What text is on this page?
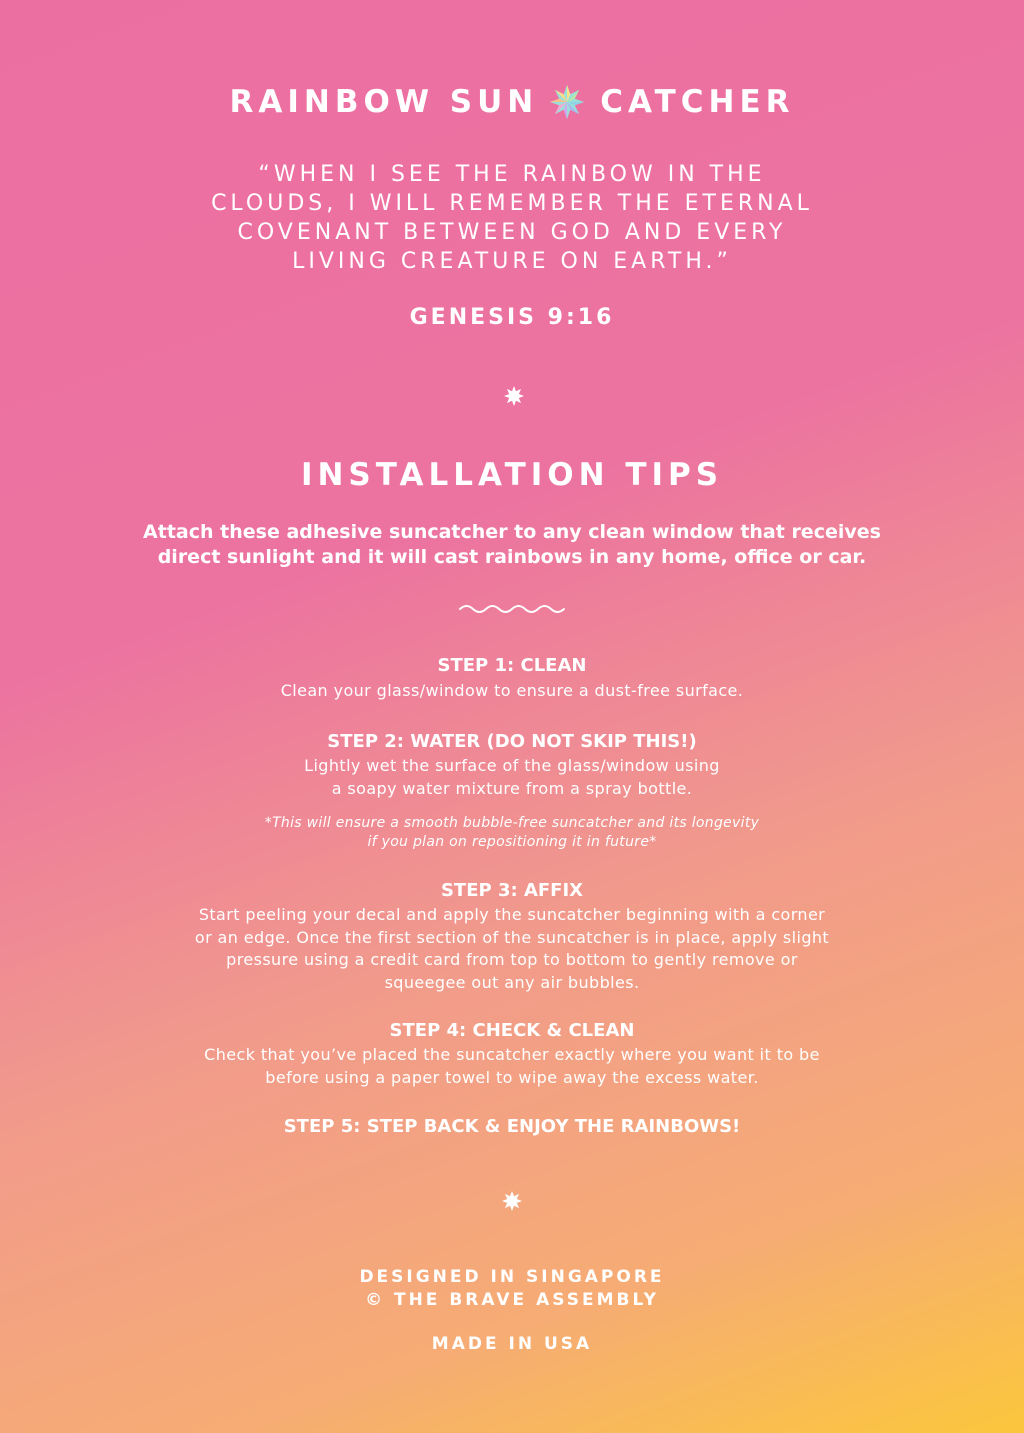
RAINBOW SUN CATCHER
“WHEN I SEE THE RAINBOW IN THE
CLOUDS, I WILL REMEMBER THE ETERNAL
COVENANT BETWEEN GOD AND EVERY
LIVING CREATURE ON EARTH.”
GENESIS 9:16
INSTALLATION TIPS
Attach these adhesive suncatcher to any clean window that receives
direct sunlight and it will cast rainbows in any home, office or car.
STEP 1: CLEAN
Clean your glass/window to ensure a dust-free surface.
STEP 2: WATER (DO NOT SKIP THIS!)
Lightly wet the surface of the glass/window using
a soapy water mixture from a spray bottle.
*This will ensure a smooth bubble-free suncatcher and its longevity
if you plan on repositioning it in future*
STEP 3: AFFIX
Start peeling your decal and apply the suncatcher beginning with a corner
or an edge. Once the first section of the suncatcher is in place, apply slight
pressure using a credit card from top to bottom to gently remove or
squeegee out any air bubbles.
STEP 4: CHECK & CLEAN
Check that you’ve placed the suncatcher exactly where you want it to be
before using a paper towel to wipe away the excess water.
STEP 5: STEP BACK & ENJOY THE RAINBOWS!
DESIGNED IN SINGAPORE
© THE BRAVE ASSEMBLY
MADE IN USA
